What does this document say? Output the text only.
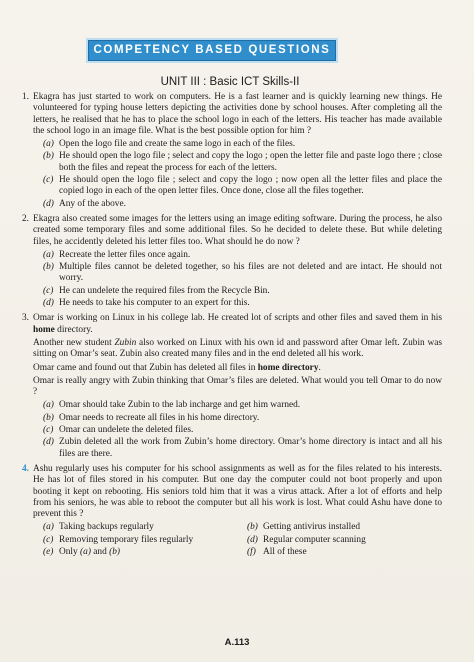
COMPETENCY BASED QUESTIONS
UNIT III : Basic ICT Skills-II
1. Ekagra has just started to work on computers. He is a fast learner and is quickly learning new things. He volunteered for typing house letters depicting the activities done by school houses. After completing all the letters, he realised that he has to place the school logo in each of the letters. His teacher has made available the school logo in an image file. What is the best possible option for him ?
(a) Open the logo file and create the same logo in each of the files.
(b) He should open the logo file ; select and copy the logo ; open the letter file and paste logo there ; close both the files and repeat the process for each of the letters.
(c) He should open the logo file ; select and copy the logo ; now open all the letter files and place the copied logo in each of the open letter files. Once done, close all the files together.
(d) Any of the above.
2. Ekagra also created some images for the letters using an image editing software. During the process, he also created some temporary files and some additional files. So he decided to delete these. But while deleting files, he accidently deleted his letter files too. What should he do now ?
(a) Recreate the letter files once again.
(b) Multiple files cannot be deleted together, so his files are not deleted and are intact. He should not worry.
(c) He can undelete the required files from the Recycle Bin.
(d) He needs to take his computer to an expert for this.
3. Omar is working on Linux in his college lab. He created lot of scripts and other files and saved them in his home directory.
Another new student Zubin also worked on Linux with his own id and password after Omar left. Zubin was sitting on Omar’s seat. Zubin also created many files and in the end deleted all his work.
Omar came and found out that Zubin has deleted all files in home directory.
Omar is really angry with Zubin thinking that Omar’s files are deleted. What would you tell Omar to do now ?
(a) Omar should take Zubin to the lab incharge and get him warned.
(b) Omar needs to recreate all files in his home directory.
(c) Omar can undelete the deleted files.
(d) Zubin deleted all the work from Zubin’s home directory. Omar’s home directory is intact and all his files are there.
4. Ashu regularly uses his computer for his school assignments as well as for the files related to his interests. He has lot of files stored in his computer. But one day the computer could not boot properly and upon booting it kept on rebooting. His seniors told him that it was a virus attack. After a lot of efforts and help from his seniors, he was able to reboot the computer but all his work is lost. What could Ashu have done to prevent this ?
(a) Taking backups regularly	(b) Getting antivirus installed
(c) Removing temporary files regularly	(d) Regular computer scanning
(e) Only (a) and (b)	(f) All of these
A.113
